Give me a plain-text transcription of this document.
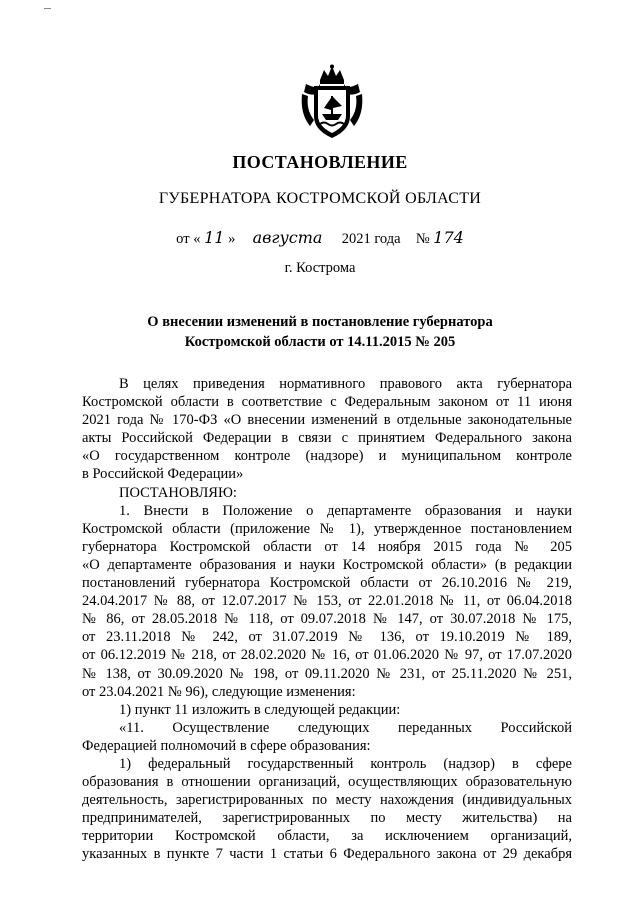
ПОСТАНОВЛЕНИЕ
ГУБЕРНАТОРА КОСТРОМСКОЙ ОБЛАСТИ
от « 11 » августа 2021 года № 174
г. Кострома
О внесении изменений в постановление губернатора
Костромской области от 14.11.2015 № 205
В целях приведения нормативного правового акта губернатора
Костромской области в соответствие с Федеральным законом от 11 июня
2021 года № 170-ФЗ «О внесении изменений в отдельные законодательные
акты Российской Федерации в связи с принятием Федерального закона
«О государственном контроле (надзоре) и муниципальном контроле
в Российской Федерации»
ПОСТАНОВЛЯЮ:
1. Внести в Положение о департаменте образования и науки
Костромской области (приложение № 1), утвержденное постановлением
губернатора Костромской области от 14 ноября 2015 года № 205
«О департаменте образования и науки Костромской области» (в редакции
постановлений губернатора Костромской области от 26.10.2016 № 219,
24.04.2017 № 88, от 12.07.2017 № 153, от 22.01.2018 № 11, от 06.04.2018
№ 86, от 28.05.2018 № 118, от 09.07.2018 № 147, от 30.07.2018 № 175,
от 23.11.2018 № 242, от 31.07.2019 № 136, от 19.10.2019 № 189,
от 06.12.2019 № 218, от 28.02.2020 № 16, от 01.06.2020 № 97, от 17.07.2020
№ 138, от 30.09.2020 № 198, от 09.11.2020 № 231, от 25.11.2020 № 251,
от 23.04.2021 № 96), следующие изменения:
1) пункт 11 изложить в следующей редакции:
«11. Осуществление следующих переданных Российской
Федерацией полномочий в сфере образования:
1) федеральный государственный контроль (надзор) в сфере
образования в отношении организаций, осуществляющих образовательную
деятельность, зарегистрированных по месту нахождения (индивидуальных
предпринимателей, зарегистрированных по месту жительства) на
территории Костромской области, за исключением организаций,
указанных в пункте 7 части 1 статьи 6 Федерального закона от 29 декабря
